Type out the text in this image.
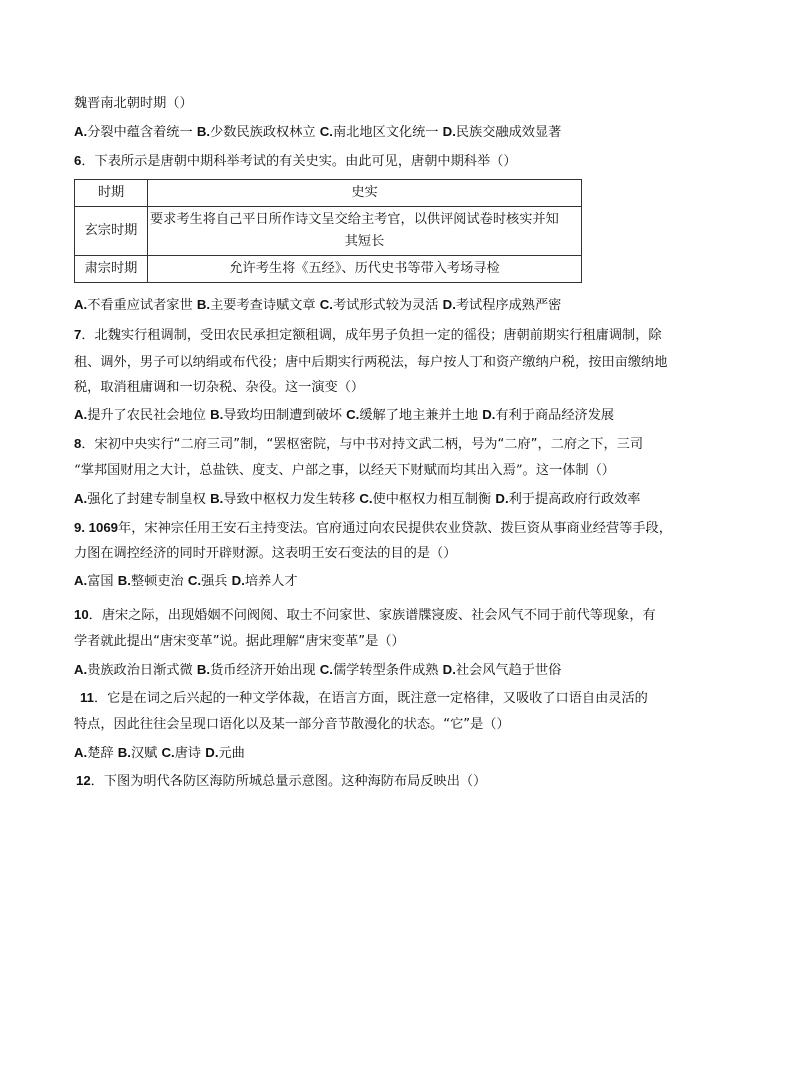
魏晋南北朝时期（）
A.分裂中蕴含着统一 B.少数民族政权林立 C.南北地区文化统一 D.民族交融成效显著
6．下表所示是唐朝中期科举考试的有关史实。由此可见，唐朝中期科举（）
时期	史实
玄宗时期	要求考生将自己平日所作诗文呈交给主考官，以供评阅试卷时核实并知
其短长

肃宗时期	允许考生将《五经》、历代史书等带入考场寻检
A.不看重应试者家世 B.主要考查诗赋文章 C.考试形式较为灵活 D.考试程序成熟严密
7．北魏实行租调制，受田农民承担定额租调，成年男子负担一定的徭役；唐朝前期实行租庸调制，除
租、调外，男子可以纳绢或布代役；唐中后期实行两税法，每户按人丁和资产缴纳户税，按田亩缴纳地
税，取消租庸调和一切杂税、杂役。这一演变（）
A.提升了农民社会地位 B.导致均田制遭到破坏 C.缓解了地主兼并土地 D.有利于商品经济发展
8．宋初中央实行“二府三司”制，“罢枢密院，与中书对持文武二柄，号为“二府”，二府之下，三司
“掌邦国财用之大计，总盐铁、度支、户部之事，以经天下财赋而均其出入焉”。这一体制（）
A.强化了封建专制皇权 B.导致中枢权力发生转移 C.使中枢权力相互制衡 D.利于提高政府行政效率
9. 1069年，宋神宗任用王安石主持变法。官府通过向农民提供农业贷款、拨巨资从事商业经营等手段，
力图在调控经济的同时开辟财源。这表明王安石变法的目的是（）
A.富国 B.整顿吏治 C.强兵 D.培养人才
10．唐宋之际，出现婚姻不问阀阅、取士不问家世、家族谱牒寖废、社会风气不同于前代等现象，有
学者就此提出“唐宋变革”说。据此理解“唐宋变革”是（）
A.贵族政治日渐式微 B.货币经济开始出现 C.儒学转型条件成熟 D.社会风气趋于世俗
11．它是在词之后兴起的一种文学体裁，在语言方面，既注意一定格律，又吸收了口语自由灵活的
特点，因此往往会呈现口语化以及某一部分音节散漫化的状态。“它”是（）
A.楚辞 B.汉赋 C.唐诗 D.元曲
12．下图为明代各防区海防所城总量示意图。这种海防布局反映出（）
